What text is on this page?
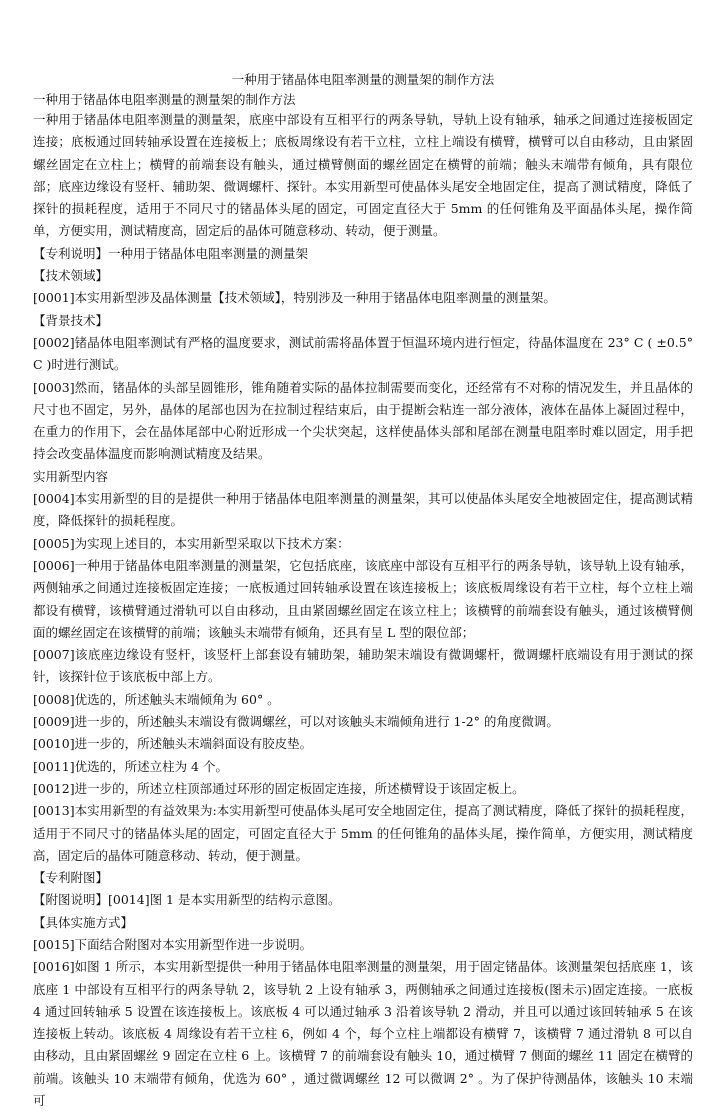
一种用于锗晶体电阻率测量的测量架的制作方法
一种用于锗晶体电阻率测量的测量架的制作方法
一种用于锗晶体电阻率测量的测量架，底座中部设有互相平行的两条导轨，导轨上设有轴承，轴承之间通过连接板固定连接；底板通过回转轴承设置在连接板上；底板周缘设有若干立柱，立柱上端设有横臂，横臂可以自由移动，且由紧固螺丝固定在立柱上；横臂的前端套设有触头，通过横臂侧面的螺丝固定在横臂的前端；触头末端带有倾角，具有限位部；底座边缘设有竖杆、辅助架、微调螺杆、探针。本实用新型可使晶体头尾安全地固定住，提高了测试精度，降低了探针的损耗程度，适用于不同尺寸的锗晶体头尾的固定，可固定直径大于 5mm 的任何锥角及平面晶体头尾，操作简单，方便实用，测试精度高，固定后的晶体可随意移动、转动，便于测量。
【专利说明】一种用于锗晶体电阻率测量的测量架
【技术领域】
[0001]本实用新型涉及晶体测量【技术领域】，特别涉及一种用于锗晶体电阻率测量的测量架。
【背景技术】
[0002]锗晶体电阻率测试有严格的温度要求，测试前需将晶体置于恒温环境内进行恒定，待晶体温度在 23° C ( ±0.5° C )时进行测试。
[0003]然而，锗晶体的头部呈圆锥形，锥角随着实际的晶体拉制需要而变化，还经常有不对称的情况发生，并且晶体的尺寸也不固定，另外，晶体的尾部也因为在拉制过程结束后，由于提断会粘连一部分液体，液体在晶体上凝固过程中，在重力的作用下，会在晶体尾部中心附近形成一个尖状突起，这样使晶体头部和尾部在测量电阻率时难以固定，用手把持会改变晶体温度而影响测试精度及结果。
实用新型内容
[0004]本实用新型的目的是提供一种用于锗晶体电阻率测量的测量架，其可以使晶体头尾安全地被固定住，提高测试精度，降低探针的损耗程度。
[0005]为实现上述目的，本实用新型采取以下技术方案：
[0006]一种用于锗晶体电阻率测量的测量架，它包括底座，该底座中部设有互相平行的两条导轨，该导轨上设有轴承，两侧轴承之间通过连接板固定连接；一底板通过回转轴承设置在该连接板上；该底板周缘设有若干立柱，每个立柱上端都设有横臂，该横臂通过滑轨可以自由移动，且由紧固螺丝固定在该立柱上；该横臂的前端套设有触头，通过该横臂侧面的螺丝固定在该横臂的前端；该触头末端带有倾角，还具有呈 L 型的限位部；
[0007]该底座边缘设有竖杆，该竖杆上部套设有辅助架，辅助架末端设有微调螺杆，微调螺杆底端设有用于测试的探针，该探针位于该底板中部上方。
[0008]优选的，所述触头末端倾角为 60° 。
[0009]进一步的，所述触头末端设有微调螺丝，可以对该触头末端倾角进行 1-2° 的角度微调。
[0010]进一步的，所述触头末端斜面设有胶皮垫。
[0011]优选的，所述立柱为 4 个。
[0012]进一步的，所述立柱顶部通过环形的固定板固定连接，所述横臂设于该固定板上。
[0013]本实用新型的有益效果为:本实用新型可使晶体头尾可安全地固定住，提高了测试精度，降低了探针的损耗程度，适用于不同尺寸的锗晶体头尾的固定，可固定直径大于 5mm 的任何锥角的晶体头尾，操作简单，方便实用，测试精度高，固定后的晶体可随意移动、转动，便于测量。
【专利附图】
【附图说明】[0014]图 1 是本实用新型的结构示意图。
【具体实施方式】
[0015]下面结合附图对本实用新型作进一步说明。
[0016]如图 1 所示，本实用新型提供一种用于锗晶体电阻率测量的测量架，用于固定锗晶体。该测量架包括底座 1，该底座 1 中部设有互相平行的两条导轨 2，该导轨 2 上设有轴承 3，两侧轴承之间通过连接板(图未示)固定连接。一底板 4 通过回转轴承 5 设置在该连接板上。该底板 4 可以通过轴承 3 沿着该导轨 2 滑动，并且可以通过该回转轴承 5 在该连接板上转动。该底板 4 周缘设有若干立柱 6，例如 4 个，每个立柱上端都设有横臂 7，该横臂 7 通过滑轨 8 可以自由移动，且由紧固螺丝 9 固定在立柱 6 上。该横臂 7 的前端套设有触头 10，通过横臂 7 侧面的螺丝 11 固定在横臂的前端。该触头 10 末端带有倾角，优选为 60° ，通过微调螺丝 12 可以微调 2° 。为了保护待测晶体，该触头 10 末端可
